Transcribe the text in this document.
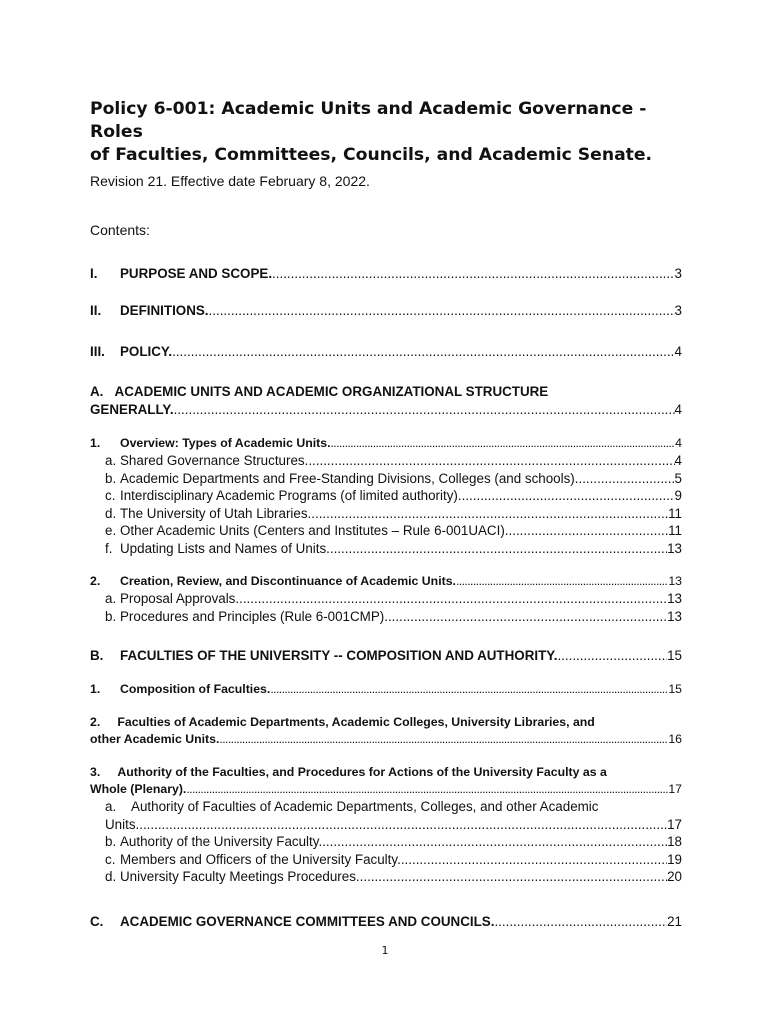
Policy 6-001: Academic Units and Academic Governance - Roles
of Faculties, Committees, Councils, and Academic Senate.
Revision 21. Effective date February 8, 2022.
Contents:
I. PURPOSE AND SCOPE. .....	3
II. DEFINITIONS. .....	3
III. POLICY. .....	4
A.   ACADEMIC UNITS AND ACADEMIC ORGANIZATIONAL STRUCTURE
GENERALLY. .....	4
1. Overview: Types of Academic Units. .....	4
a. Shared Governance Structures. .....	4
b. Academic Departments and Free-Standing Divisions, Colleges (and schools). .....	5
c. Interdisciplinary Academic Programs (of limited authority). .....	9
d. The University of Utah Libraries. .....	11
e. Other Academic Units (Centers and Institutes – Rule 6-001UACI) .....	11
f. Updating Lists and Names of Units .....	13
2. Creation, Review, and Discontinuance of Academic Units. .....	13
a. Proposal Approvals. .....	13
b. Procedures and Principles (Rule 6-001CMP). .....	13
B. FACULTIES OF THE UNIVERSITY -- COMPOSITION AND AUTHORITY. .....	15
1. Composition of Faculties. .....	15
2.     Faculties of Academic Departments, Academic Colleges, University Libraries, and
other Academic Units. .....	16
3.     Authority of the Faculties, and Procedures for Actions of the University Faculty as a
Whole (Plenary). .....	17
a.    Authority of Faculties of Academic Departments, Colleges, and other Academic
Units. .....	17
b. Authority of the University Faculty. .....	18
c. Members and Officers of the University Faculty. .....	19
d. University Faculty Meetings Procedures. .....	20
C. ACADEMIC GOVERNANCE COMMITTEES AND COUNCILS. .....	21
1
